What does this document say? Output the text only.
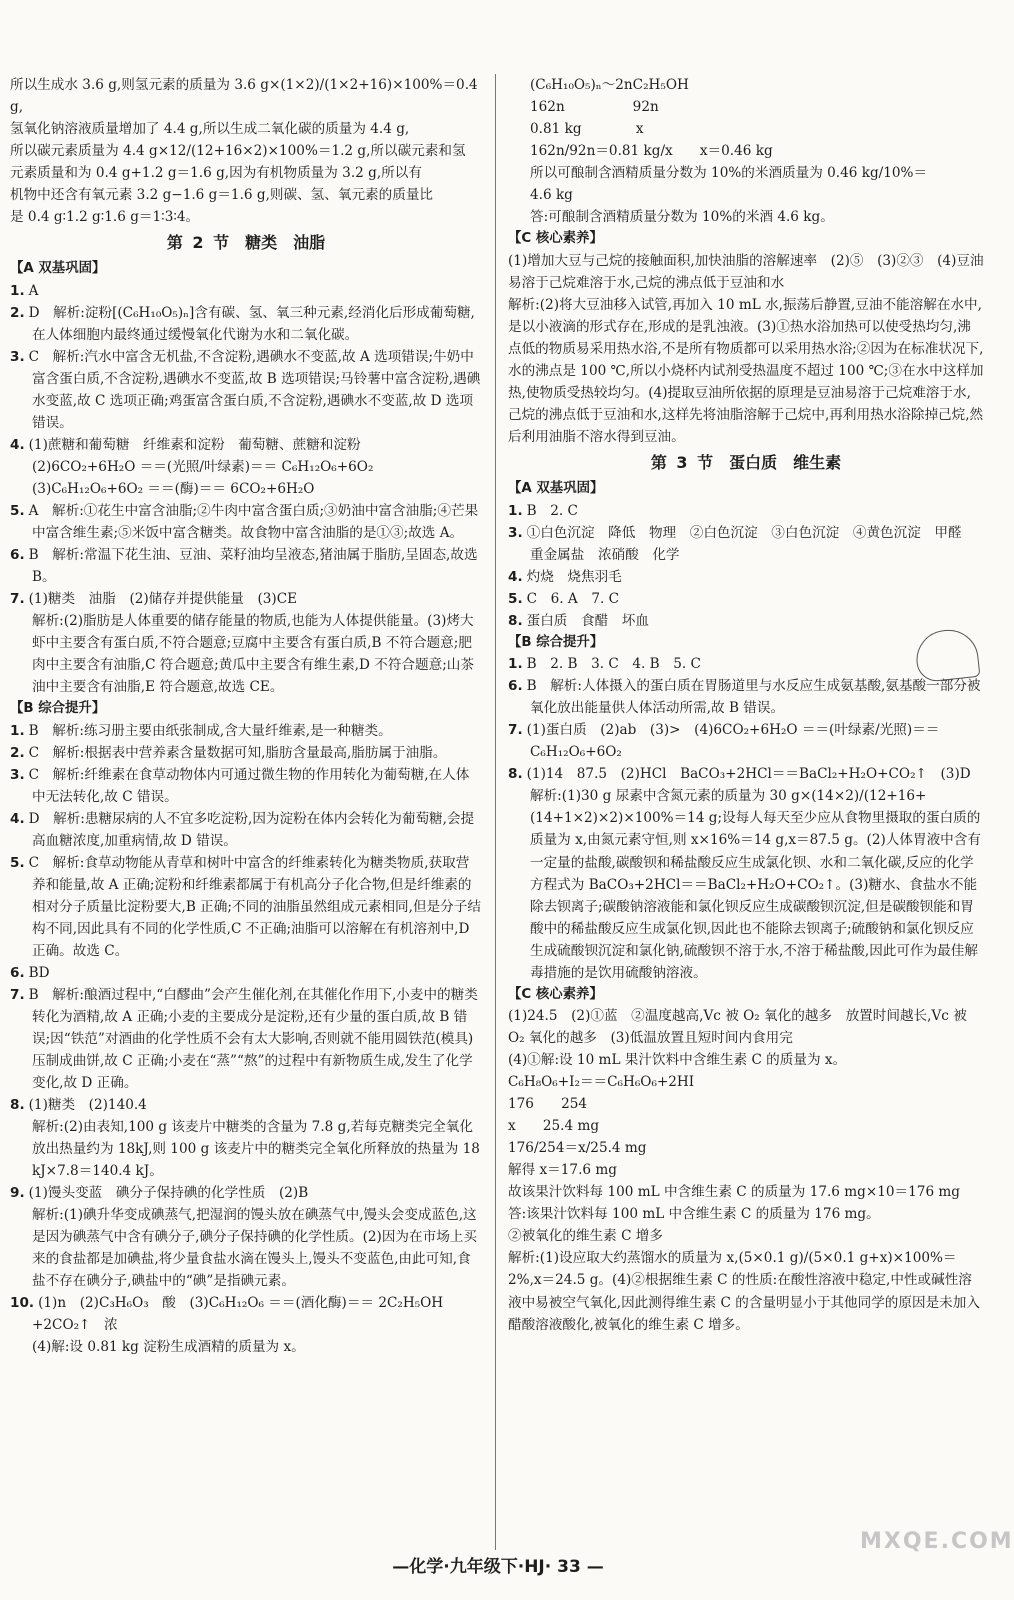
所以生成水 3.6 g,则氢元素的质量为 3.6 g×(1×2)/(1×2+16)×100%＝0.4 g,

氢氧化钠溶液质量增加了 4.4 g,所以生成二氧化碳的质量为 4.4 g,

所以碳元素质量为 4.4 g×12/(12+16×2)×100%＝1.2 g,所以碳元素和氢

元素质量和为 0.4 g+1.2 g＝1.6 g,因为有机物质量为 3.2 g,所以有

机物中还含有氧元素 3.2 g−1.6 g＝1.6 g,则碳、氢、氧元素的质量比

是 0.4 g∶1.2 g∶1.6 g＝1∶3∶4。

第 2 节　糖类　油脂

【A 双基巩固】

1. A

2. D　解析:淀粉[(C₆H₁₀O₅)ₙ]含有碳、氢、氧三种元素,经消化后形成葡萄糖,在人体细胞内最终通过缓慢氧化代谢为水和二氧化碳。

3. C　解析:汽水中富含无机盐,不含淀粉,遇碘水不变蓝,故 A 选项错误;牛奶中富含蛋白质,不含淀粉,遇碘水不变蓝,故 B 选项错误;马铃薯中富含淀粉,遇碘水变蓝,故 C 选项正确;鸡蛋富含蛋白质,不含淀粉,遇碘水不变蓝,故 D 选项错误。

4. (1)蔗糖和葡萄糖　纤维素和淀粉　葡萄糖、蔗糖和淀粉

(2)6CO₂+6H₂O ＝＝(光照/叶绿素)＝＝ C₆H₁₂O₆+6O₂

(3)C₆H₁₂O₆+6O₂ ＝＝(酶)＝＝ 6CO₂+6H₂O

5. A　解析:①花生中富含油脂;②牛肉中富含蛋白质;③奶油中富含油脂;④芒果中富含维生素;⑤米饭中富含糖类。故食物中富含油脂的是①③;故选 A。

6. B　解析:常温下花生油、豆油、菜籽油均呈液态,猪油属于脂肪,呈固态,故选 B。

7. (1)糖类　油脂　(2)储存并提供能量　(3)CE

解析:(2)脂肪是人体重要的储存能量的物质,也能为人体提供能量。(3)烤大虾中主要含有蛋白质,不符合题意;豆腐中主要含有蛋白质,B 不符合题意;肥肉中主要含有油脂,C 符合题意;黄瓜中主要含有维生素,D 不符合题意;山茶油中主要含有油脂,E 符合题意,故选 CE。

【B 综合提升】

1. B　解析:练习册主要由纸张制成,含大量纤维素,是一种糖类。

2. C　解析:根据表中营养素含量数据可知,脂肪含量最高,脂肪属于油脂。

3. C　解析:纤维素在食草动物体内可通过微生物的作用转化为葡萄糖,在人体中无法转化,故 C 错误。

4. D　解析:患糖尿病的人不宜多吃淀粉,因为淀粉在体内会转化为葡萄糖,会提高血糖浓度,加重病情,故 D 错误。

5. C　解析:食草动物能从青草和树叶中富含的纤维素转化为糖类物质,获取营养和能量,故 A 正确;淀粉和纤维素都属于有机高分子化合物,但是纤维素的相对分子质量比淀粉要大,B 正确;不同的油脂虽然组成元素相同,但是分子结构不同,因此具有不同的化学性质,C 不正确;油脂可以溶解在有机溶剂中,D 正确。故选 C。

6. BD

7. B　解析:酿酒过程中,“白醪曲”会产生催化剂,在其催化作用下,小麦中的糖类转化为酒精,故 A 正确;小麦的主要成分是淀粉,还有少量的蛋白质,故 B 错误;因“铁范”对酒曲的化学性质不会有太大影响,否则就不能用圆铁范(模具)压制成曲饼,故 C 正确;小麦在“蒸”“熬”的过程中有新物质生成,发生了化学变化,故 D 正确。

8. (1)糖类　(2)140.4

解析:(2)由表知,100 g 该麦片中糖类的含量为 7.8 g,若每克糖类完全氧化放出热量约为 18kJ,则 100 g 该麦片中的糖类完全氧化所释放的热量为 18 kJ×7.8＝140.4 kJ。

9. (1)馒头变蓝　碘分子保持碘的化学性质　(2)B

解析:(1)碘升华变成碘蒸气,把湿润的馒头放在碘蒸气中,馒头会变成蓝色,这是因为碘蒸气中含有碘分子,碘分子保持碘的化学性质。(2)因为在市场上买来的食盐都是加碘盐,将少量食盐水滴在馒头上,馒头不变蓝色,由此可知,食盐不存在碘分子,碘盐中的“碘”是指碘元素。

10. (1)n　(2)C₃H₆O₃　酸　(3)C₆H₁₂O₆ ＝＝(酒化酶)＝＝ 2C₂H₅OH +2CO₂↑　浓

(4)解:设 0.81 kg 淀粉生成酒精的质量为 x。

(C₆H₁₀O₅)ₙ～2nC₂H₅OH

162n　　　　　92n

0.81 kg　　　　x

162n/92n＝0.81 kg/x　　x＝0.46 kg

所以可酿制含酒精质量分数为 10%的米酒质量为 0.46 kg/10%＝

4.6 kg

答:可酿制含酒精质量分数为 10%的米酒 4.6 kg。

【C 核心素养】

(1)增加大豆与己烷的接触面积,加快油脂的溶解速率　(2)⑤　(3)②③　(4)豆油易溶于己烷难溶于水,己烷的沸点低于豆油和水

解析:(2)将大豆油移入试管,再加入 10 mL 水,振荡后静置,豆油不能溶解在水中,是以小液滴的形式存在,形成的是乳浊液。(3)①热水浴加热可以使受热均匀,沸点低的物质易采用热水浴,不是所有物质都可以采用热水浴;②因为在标准状况下,水的沸点是 100 ℃,所以小烧杯内试剂受热温度不超过 100 ℃;③在水中这样加热,使物质受热较均匀。(4)提取豆油所依据的原理是豆油易溶于己烷难溶于水,己烷的沸点低于豆油和水,这样先将油脂溶解于己烷中,再利用热水浴除掉己烷,然后利用油脂不溶水得到豆油。

第 3 节　蛋白质　维生素

【A 双基巩固】

1. B　2. C

3. ①白色沉淀　降低　物理　②白色沉淀　③白色沉淀　④黄色沉淀　甲醛　重金属盐　浓硝酸　化学

4. 灼烧　烧焦羽毛

5. C　6. A　7. C

8. 蛋白质　食醋　坏血

【B 综合提升】

1. B　2. B　3. C　4. B　5. C

6. B　解析:人体摄入的蛋白质在胃肠道里与水反应生成氨基酸,氨基酸一部分被氧化放出能量供人体活动所需,故 B 错误。

7. (1)蛋白质　(2)ab　(3)>　(4)6CO₂+6H₂O ＝＝(叶绿素/光照)＝＝ C₆H₁₂O₆+6O₂

8. (1)14　87.5　(2)HCl　BaCO₃+2HCl＝＝BaCl₂+H₂O+CO₂↑　(3)D

解析:(1)30 g 尿素中含氮元素的质量为 30 g×(14×2)/(12+16+(14+1×2)×2)×100%＝14 g;设每人每天至少应从食物里摄取的蛋白质的质量为 x,由氮元素守恒,则 x×16%＝14 g,x＝87.5 g。(2)人体胃液中含有一定量的盐酸,碳酸钡和稀盐酸反应生成氯化钡、水和二氧化碳,反应的化学方程式为 BaCO₃+2HCl＝＝BaCl₂+H₂O+CO₂↑。(3)糖水、食盐水不能除去钡离子;碳酸钠溶液能和氯化钡反应生成碳酸钡沉淀,但是碳酸钡能和胃酸中的稀盐酸反应生成氯化钡,因此也不能除去钡离子;硫酸钠和氯化钡反应生成硫酸钡沉淀和氯化钠,硫酸钡不溶于水,不溶于稀盐酸,因此可作为最佳解毒措施的是饮用硫酸钠溶液。

【C 核心素养】

(1)24.5　(2)①蓝　②温度越高,Vc 被 O₂ 氧化的越多　放置时间越长,Vc 被 O₂ 氧化的越多　(3)低温放置且短时间内食用完

(4)①解:设 10 mL 果汁饮料中含维生素 C 的质量为 x。

C₆H₈O₆+I₂＝＝C₆H₆O₆+2HI

176　　254

x　　25.4 mg

176/254＝x/25.4 mg

解得 x＝17.6 mg

故该果汁饮料每 100 mL 中含维生素 C 的质量为 17.6 mg×10＝176 mg

答:该果汁饮料每 100 mL 中含维生素 C 的质量为 176 mg。

②被氧化的维生素 C 增多

解析:(1)设应取大约蒸馏水的质量为 x,(5×0.1 g)/(5×0.1 g+x)×100%＝2%,x＝24.5 g。(4)②根据维生素 C 的性质:在酸性溶液中稳定,中性或碱性溶液中易被空气氧化,因此测得维生素 C 的含量明显小于其他同学的原因是未加入醋酸溶液酸化,被氧化的维生素 C 增多。

MXQE.COM
—化学·九年级下·HJ· 33 —
